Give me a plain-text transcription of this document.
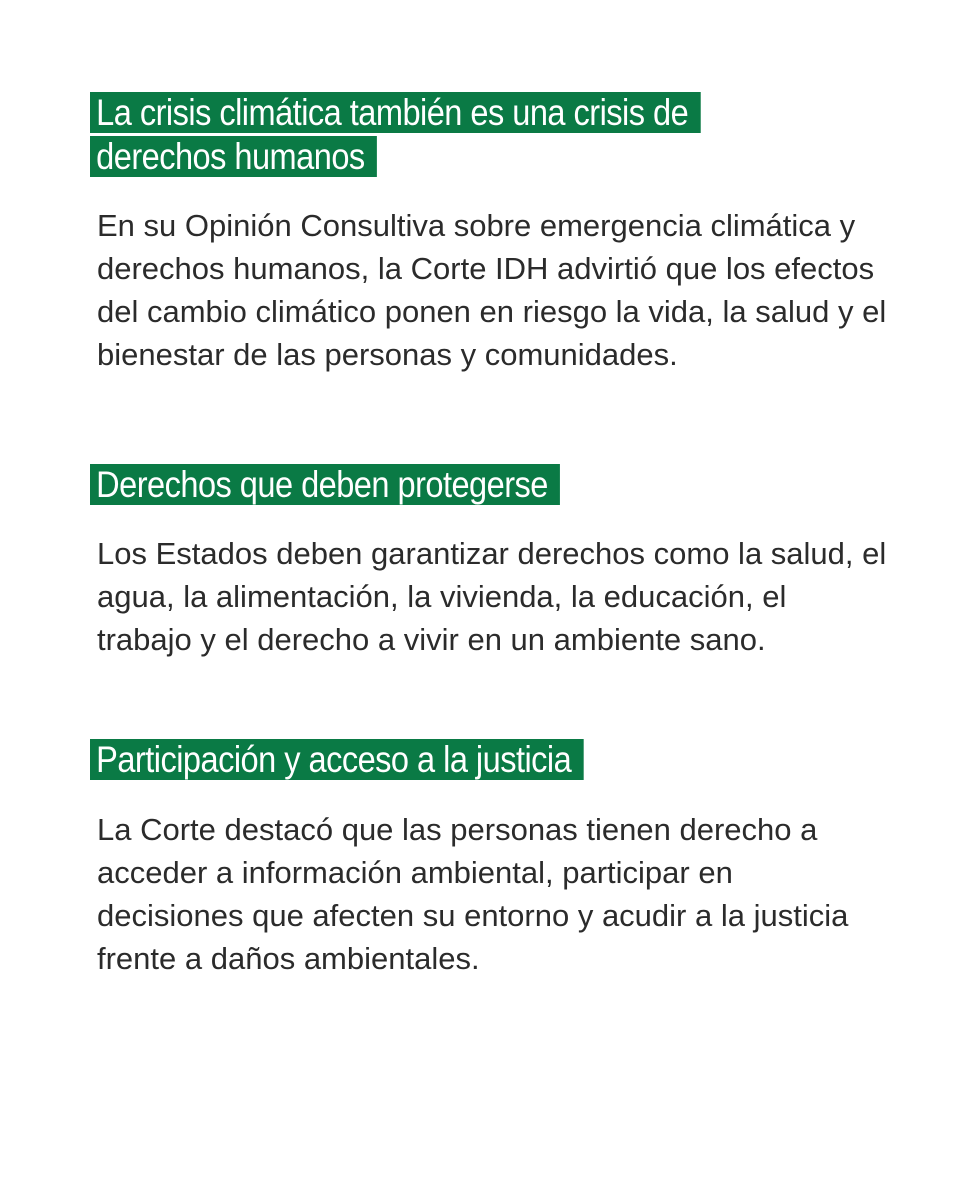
La crisis climática también es una crisis de
derechos humanos

En su Opinión Consultiva sobre emergencia climática y derechos humanos, la Corte IDH advirtió que los efectos del cambio climático ponen en riesgo la vida, la salud y el bienestar de las personas y comunidades.

Derechos que deben protegerse

Los Estados deben garantizar derechos como la salud, el agua, la alimentación, la vivienda, la educación, el trabajo y el derecho a vivir en un ambiente sano.

Participación y acceso a la justicia

La Corte destacó que las personas tienen derecho a acceder a información ambiental, participar en decisiones que afecten su entorno y acudir a la justicia frente a daños ambientales.
